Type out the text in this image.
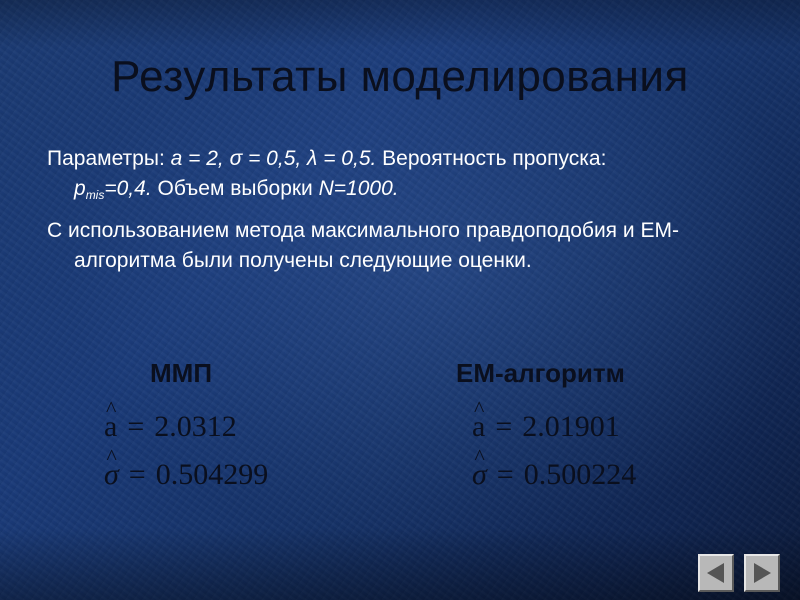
Результаты моделирования

Параметры: a = 2, σ = 0,5, λ = 0,5. Вероятность пропуска: $p_{mis}=0,4$. Объем выборки N=1000.

С использованием метода максимального правдоподобия и ЕМ-алгоритма были получены следующие оценки.

ММП	ЕМ-алгоритм
^ a = 2.0312
^ σ = 0.504299
^ a = 2.01901
^ σ = 0.500224
